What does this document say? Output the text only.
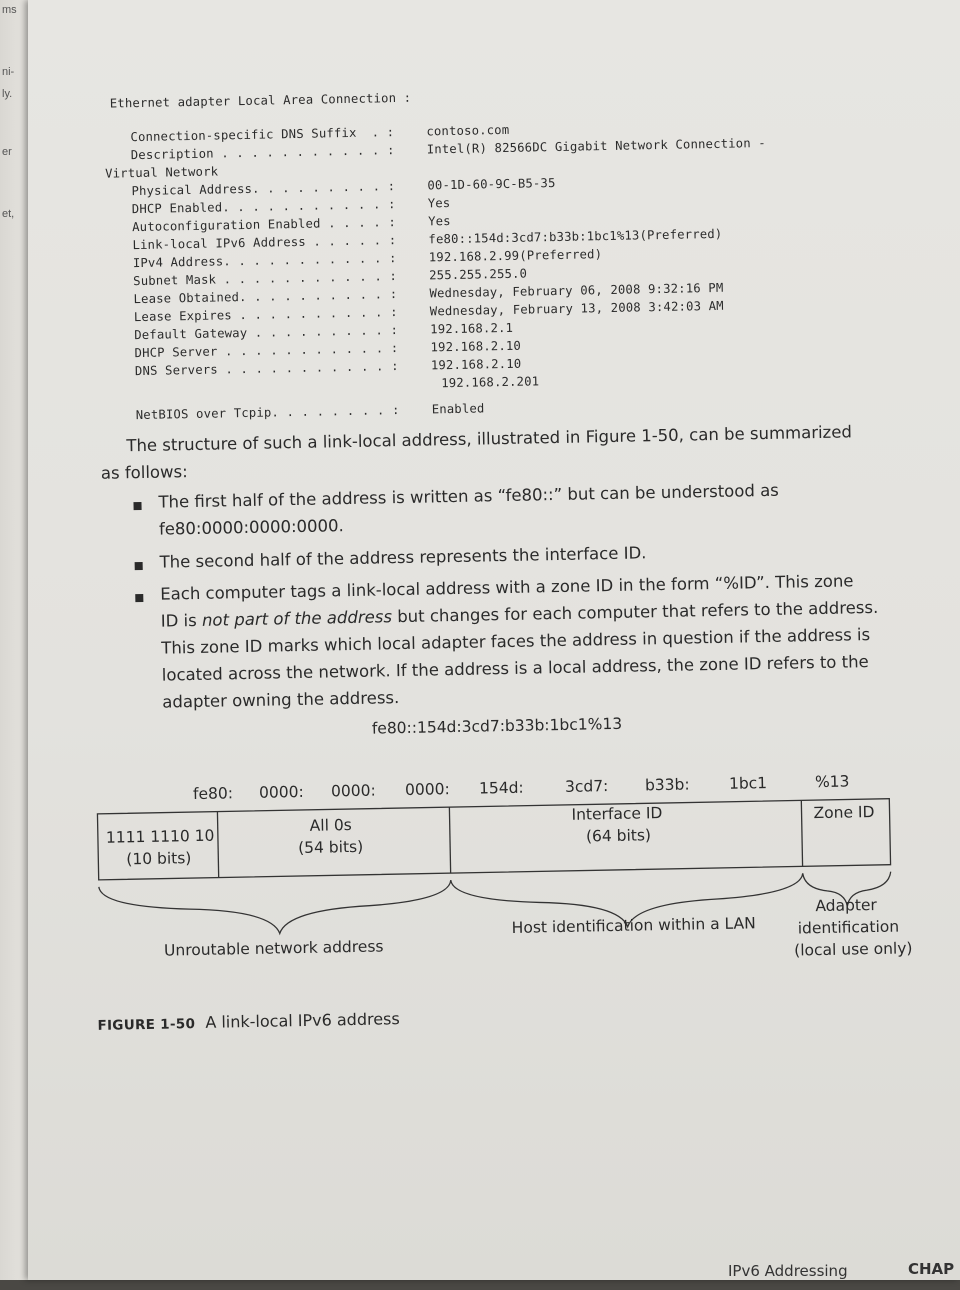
ms
ni-
ly.
er
et,
Ethernet adapter Local Area Connection :
Connection-specific DNS Suffix  . :	contoso.com
Description . . . . . . . . . . . :	Intel(R) 82566DC Gigabit Network Connection -
Virtual Network
Physical Address. . . . . . . . . :	00-1D-60-9C-B5-35
DHCP Enabled. . . . . . . . . . . :	Yes
Autoconfiguration Enabled . . . . :	Yes
Link-local IPv6 Address . . . . . :	fe80::154d:3cd7:b33b:1bc1%13(Preferred)
IPv4 Address. . . . . . . . . . . :	192.168.2.99(Preferred)
Subnet Mask . . . . . . . . . . . :	255.255.255.0
Lease Obtained. . . . . . . . . . :	Wednesday, February 06, 2008 9:32:16 PM
Lease Expires . . . . . . . . . . :	Wednesday, February 13, 2008 3:42:03 AM
Default Gateway . . . . . . . . . :	192.168.2.1
DHCP Server . . . . . . . . . . . :	192.168.2.10
DNS Servers . . . . . . . . . . . :	192.168.2.10
192.168.2.201
NetBIOS over Tcpip. . . . . . . . :	Enabled
The structure of such a link-local address, illustrated in Figure 1-50, can be summarized
as follows:
The first half of the address is written as “fe80::” but can be understood as
fe80:0000:0000:0000.
The second half of the address represents the interface ID.
Each computer tags a link-local address with a zone ID in the form “%ID”. This zone
ID is not part of the address but changes for each computer that refers to the address.
This zone ID marks which local adapter faces the address in question if the address is
located across the network. If the address is a local address, the zone ID refers to the
adapter owning the address.
fe80::154d:3cd7:b33b:1bc1%13
fe80: 0000: 0000: 0000: 154d:	3cd7: b33b:	1bc1	%13
1111 1110 10
(10 bits)
All 0s
(54 bits)
Interface ID
(64 bits)
Zone ID
Unroutable network address
Host identification within a LAN
Adapter
identification
(local use only)
FIGURE 1-50 A link-local IPv6 address
IPv6 Addressing	CHAP
